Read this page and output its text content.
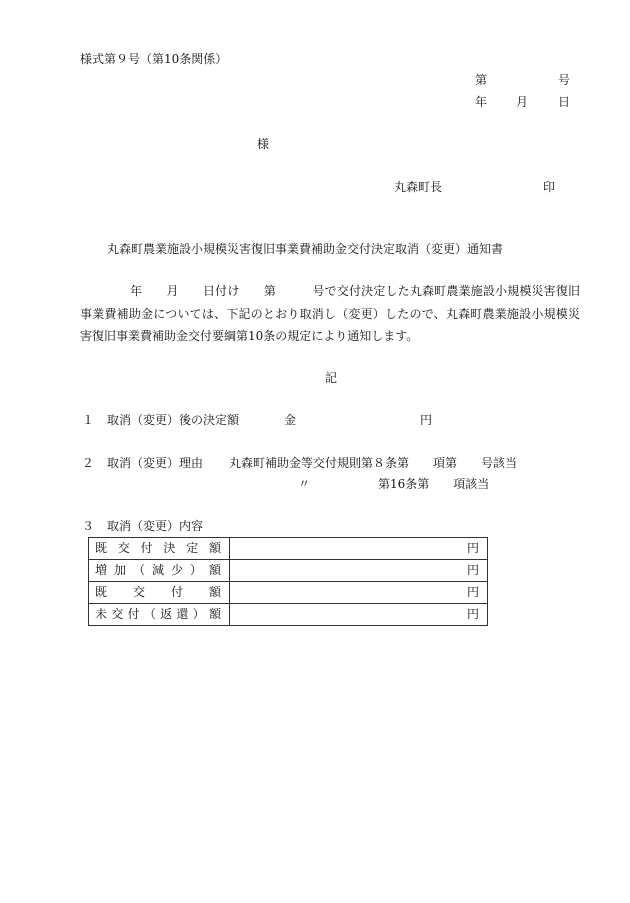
様式第９号（第10条関係）
第	号
年 月 日
様
丸森町長	印
丸森町農業施設小規模災害復旧事業費補助金交付決定取消（変更）通知書
年　　月　　日付け　　第　　　号で交付決定した丸森町農業施設小規模災害復旧事業費補助金については、下記のとおり取消し（変更）したので、丸森町農業施設小規模災害復旧事業費補助金交付要綱第10条の規定により通知します。
記
１ 取消（変更）後の決定額	金	円
２ 取消（変更）理由 丸森町補助金等交付規則第８条第　　項第　　号該当
〃	第16条第　　項該当
３ 取消（変更）内容
既交付決定額	円

増加（減少）額	円

既交付額	円

未交付（返還）額	円
